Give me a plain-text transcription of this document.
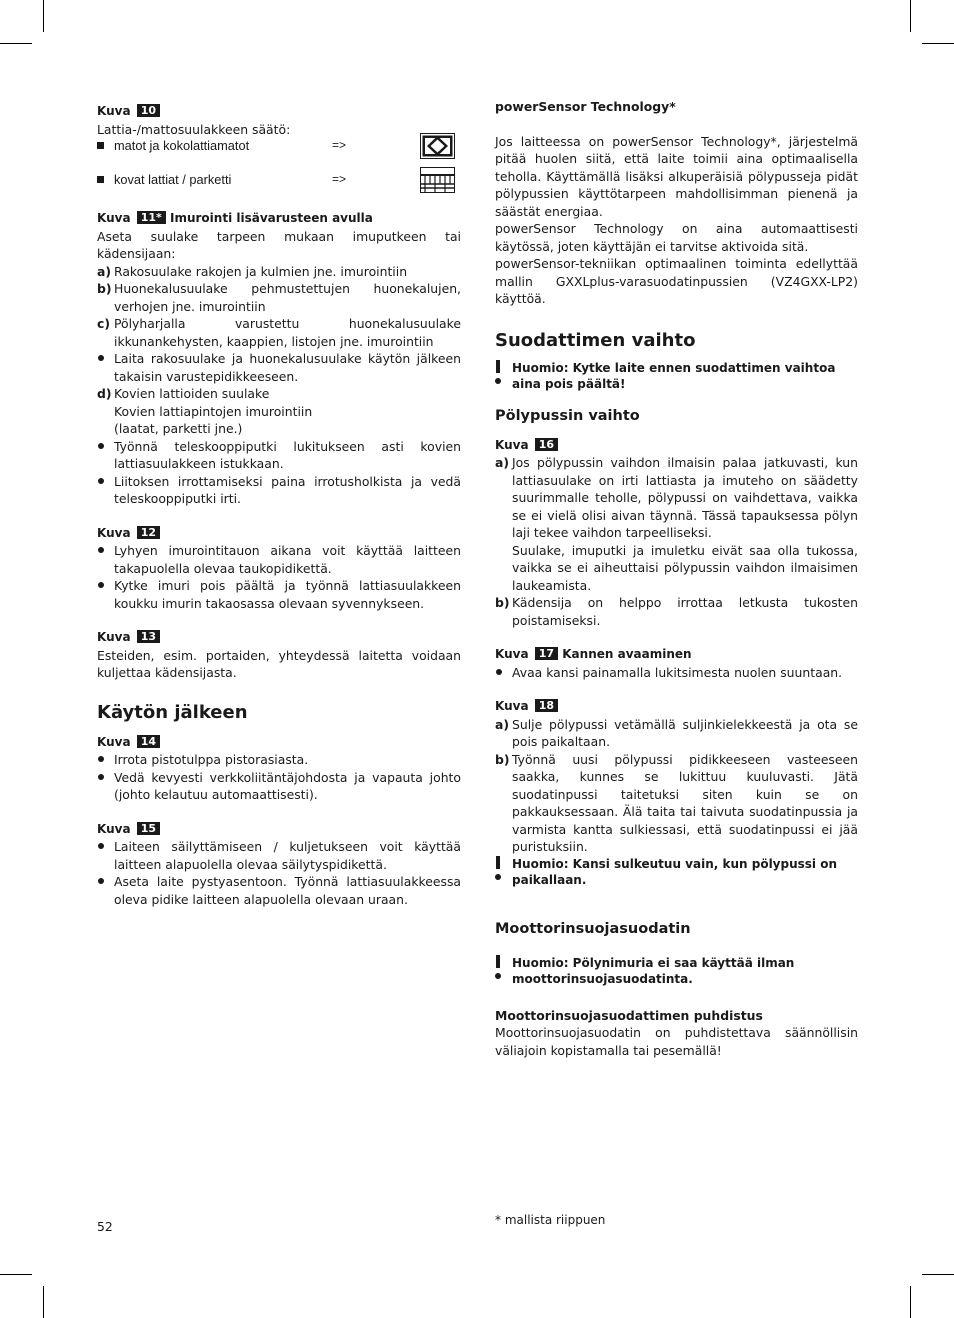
Kuva 10

Lattia-/mattosuulakkeen säätö:

matot ja kokolattiamatot	=>
kovat lattiat / parketti	=>

Kuva 11* Imurointi lisävarusteen avulla

Aseta suulake tarpeen mukaan imuputkeen tai kädensijaan:

a) Rakosuulake rakojen ja kulmien jne. imurointiin
b) Huonekalusuulake pehmustettujen huonekalujen, verhojen jne. imurointiin
c) Pölyharjalla varustettu huonekalusuulake ikkunankehysten, kaappien, listojen jne. imurointiin
Laita rakosuulake ja huonekalusuulake käytön jälkeen takaisin varustepidikkeeseen.
d) Kovien lattioiden suulake
Kovien lattiapintojen imurointiin
(laatat, parketti jne.)
Työnnä teleskooppiputki lukitukseen asti kovien lattiasuulakkeen istukkaan.
Liitoksen irrottamiseksi paina irrotusholkista ja vedä teleskooppiputki irti.

Kuva 12

Lyhyen imurointitauon aikana voit käyttää laitteen takapuolella olevaa taukopidikettä.
Kytke imuri pois päältä ja työnnä lattiasuulakkeen koukku imurin takaosassa olevaan syvennykseen.

Kuva 13

Esteiden, esim. portaiden, yhteydessä laitetta voidaan kuljettaa kädensijasta.

Käytön jälkeen

Kuva 14

Irrota pistotulppa pistorasiasta.
Vedä kevyesti verkkoliitäntäjohdosta ja vapauta johto (johto kelautuu automaattisesti).

Kuva 15

Laiteen säilyttämiseen / kuljetukseen voit käyttää laitteen alapuolella olevaa säilytyspidikettä.
Aseta laite pystyasentoon. Työnnä lattiasuulakkeessa oleva pidike laitteen alapuolella olevaan uraan.

powerSensor Technology*

Jos laitteessa on powerSensor Technology*, järjestelmä pitää huolen siitä, että laite toimii aina optimaalisella teholla. Käyttämällä lisäksi alkuperäisiä pölypusseja pidät pölypussien käyttötarpeen mahdollisimman pienenä ja säästät energiaa.

powerSensor Technology on aina automaattisesti käytössä, joten käyttäjän ei tarvitse aktivoida sitä.

powerSensor-tekniikan optimaalinen toiminta edellyttää mallin GXXLplus-varasuodatinpussien (VZ4GXX-LP2) käyttöä.

Suodattimen vaihto

Huomio: Kytke laite ennen suodattimen vaihtoa aina pois päältä!

Pölypussin vaihto

Kuva 16

a) Jos pölypussin vaihdon ilmaisin palaa jatkuvasti, kun lattiasuulake on irti lattiasta ja imuteho on säädetty suurimmalle teholle, pölypussi on vaihdettava, vaikka se ei vielä olisi aivan täynnä. Tässä tapauksessa pölyn laji tekee vaihdon tarpeelliseksi.
Suulake, imuputki ja imuletku eivät saa olla tukossa, vaikka se ei aiheuttaisi pölypussin vaihdon ilmaisimen laukeamista.
b) Kädensija on helppo irrottaa letkusta tukosten poistamiseksi.

Kuva 17 Kannen avaaminen

Avaa kansi painamalla lukitsimesta nuolen suuntaan.

Kuva 18

a) Sulje pölypussi vetämällä suljinkielekkeestä ja ota se pois paikaltaan.
b) Työnnä uusi pölypussi pidikkeeseen vasteeseen saakka, kunnes se lukittuu kuuluvasti. Jätä suodatinpussi taitetuksi siten kuin se on pakkauksessaan. Älä taita tai taivuta suodatinpussia ja varmista kantta sulkiessasi, että suodatinpussi ei jää puristuksiin.
Huomio: Kansi sulkeutuu vain, kun pölypussi on paikallaan.

Moottorinsuojasuodatin

Huomio: Pölynimuria ei saa käyttää ilman moottorinsuojasuodatinta.

Moottorinsuojasuodattimen puhdistus

Moottorinsuojasuodatin on puhdistettava säännöllisin väliajoin kopistamalla tai pesemällä!

52	* mallista riippuen
